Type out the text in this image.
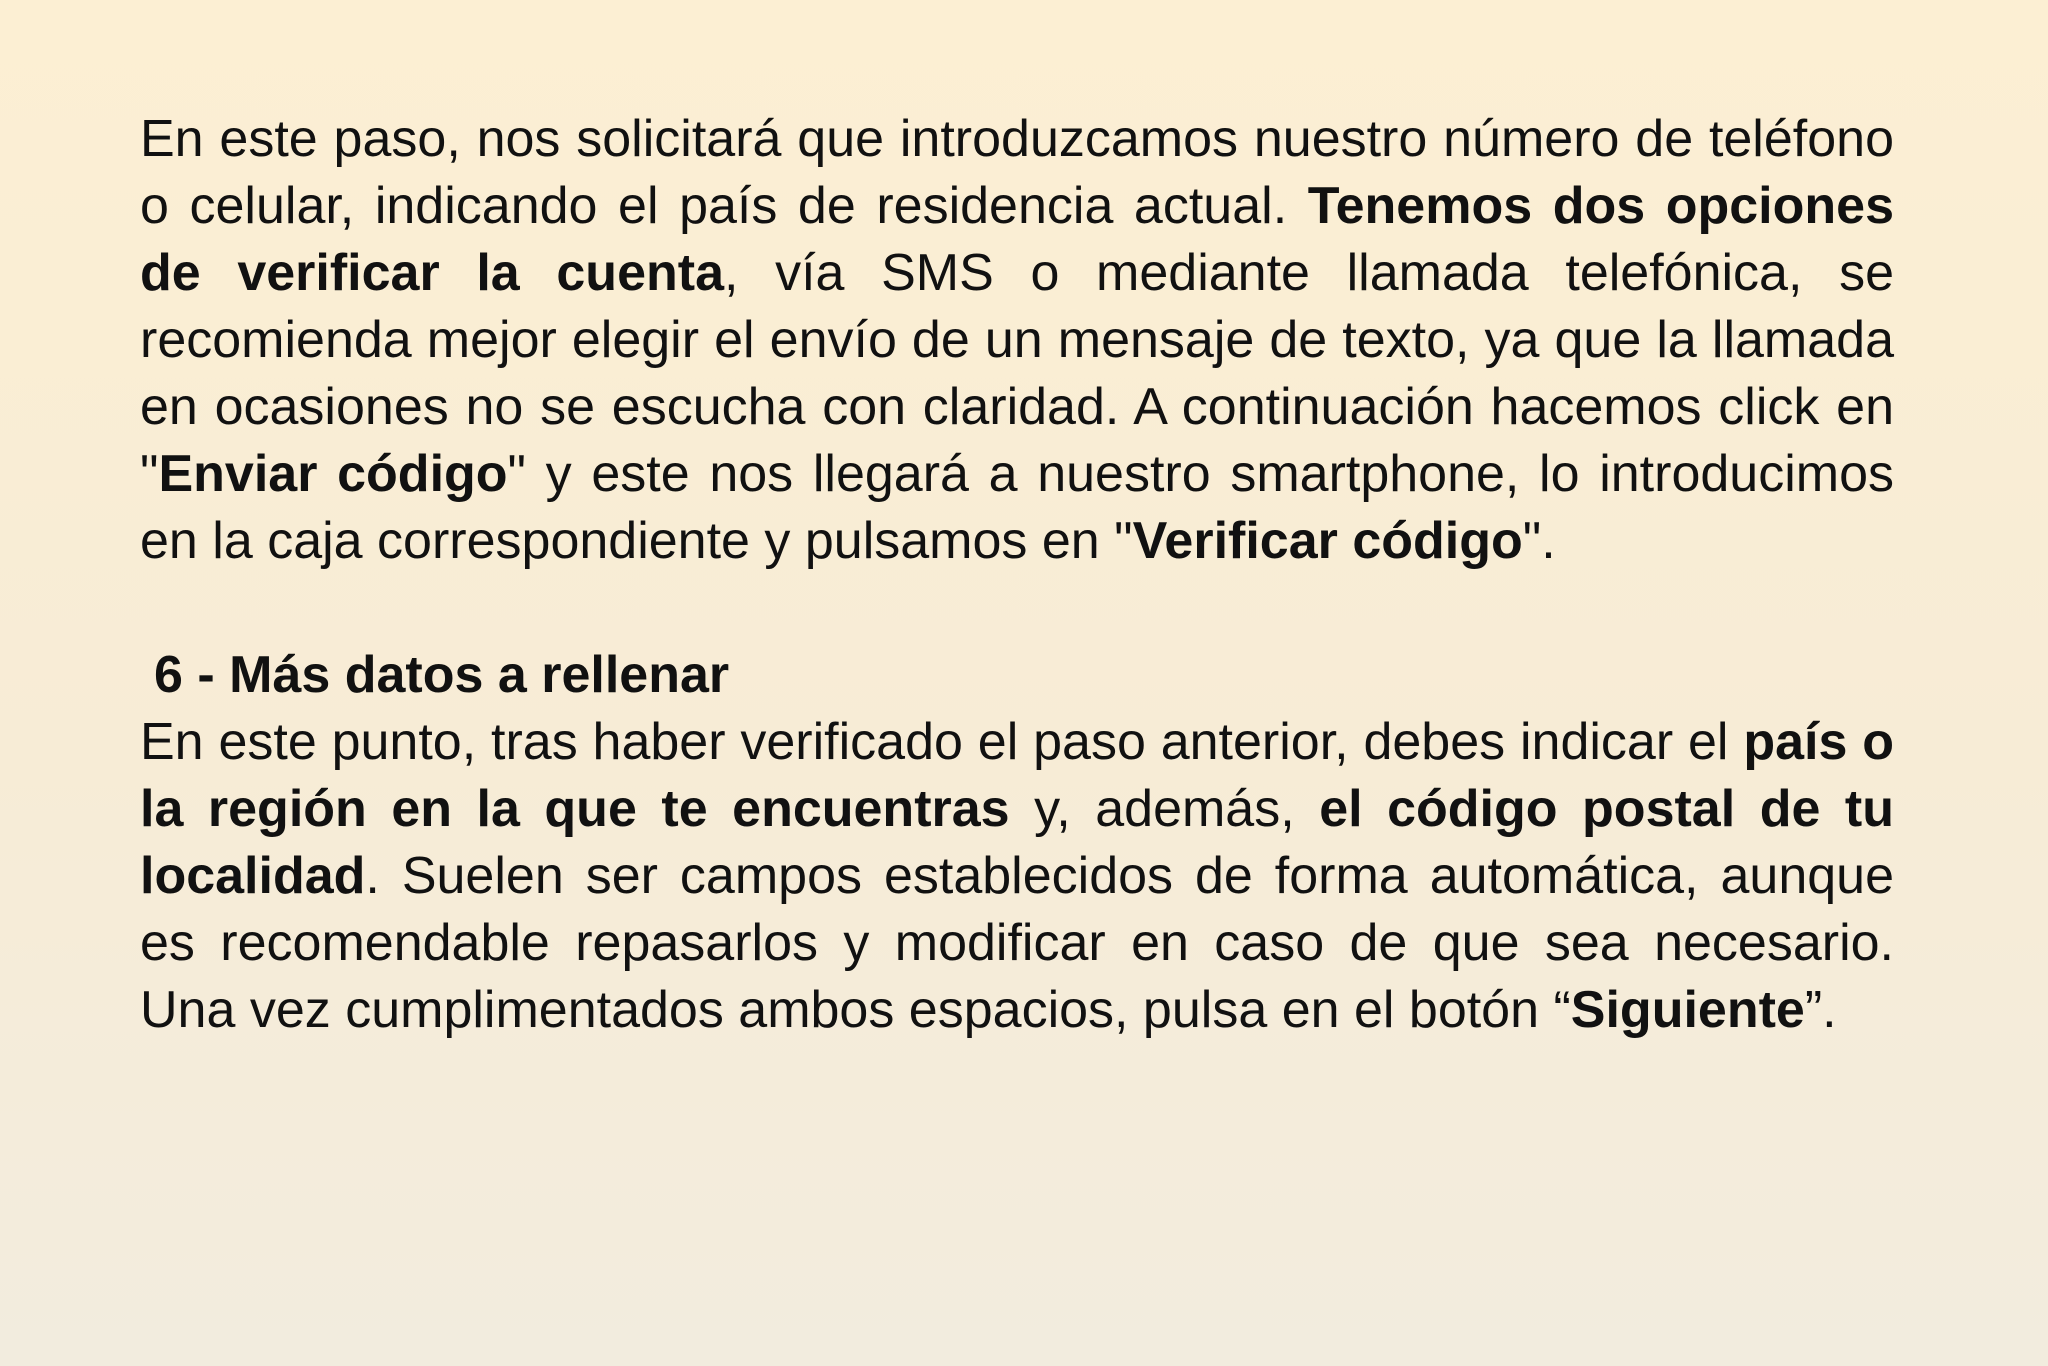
En este paso, nos solicitará que introduzcamos nuestro número de teléfono o celular, indicando el país de residencia actual. Tenemos dos opciones de verificar la cuenta, vía SMS o mediante llamada telefónica, se recomienda mejor elegir el envío de un mensaje de texto, ya que la llamada en ocasiones no se escucha con claridad. A continuación hacemos click en "Enviar código" y este nos llegará a nuestro smartphone, lo introducimos en la caja correspondiente y pulsamos en "Verificar código".

6 - Más datos a rellenar

En este punto, tras haber verificado el paso anterior, debes indicar el país o la región en la que te encuentras y, además, el código postal de tu localidad. Suelen ser campos establecidos de forma automática, aunque es recomendable repasarlos y modificar en caso de que sea necesario. Una vez cumplimentados ambos espacios, pulsa en el botón “Siguiente”.
